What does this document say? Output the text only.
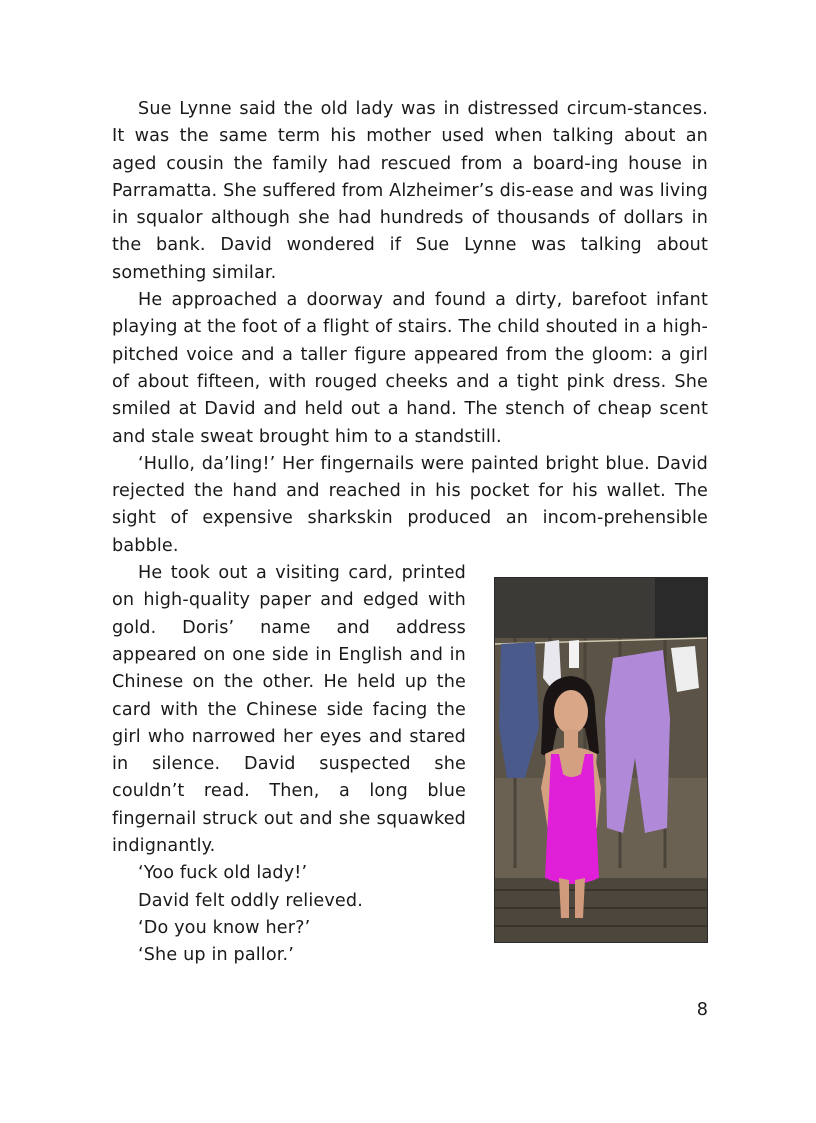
Sue Lynne said the old lady was in distressed circum-stances. It was the same term his mother used when talking about an aged cousin the family had rescued from a board-ing house in Parramatta. She suffered from Alzheimer’s dis-ease and was living in squalor although she had hundreds of thousands of dollars in the bank. David wondered if Sue Lynne was talking about something similar.

He approached a doorway and found a dirty, barefoot infant playing at the foot of a flight of stairs. The child shouted in a high-pitched voice and a taller figure appeared from the gloom: a girl of about fifteen, with rouged cheeks and a tight pink dress. She smiled at David and held out a hand. The stench of cheap scent and stale sweat brought him to a standstill.

‘Hullo, da’ling!’ Her fingernails were painted bright blue. David rejected the hand and reached in his pocket for his wallet. The sight of expensive sharkskin produced an incom-prehensible babble.

He took out a visiting card, printed on high-quality paper and edged with gold. Doris’ name and address appeared on one side in English and in Chinese on the other. He held up the card with the Chinese side facing the girl who narrowed her eyes and stared in silence. David suspected she couldn’t read. Then, a long blue fingernail struck out and she squawked indignantly.

‘Yoo fuck old lady!’

David felt oddly relieved.

‘Do you know her?’

‘She up in pallor.’

8
